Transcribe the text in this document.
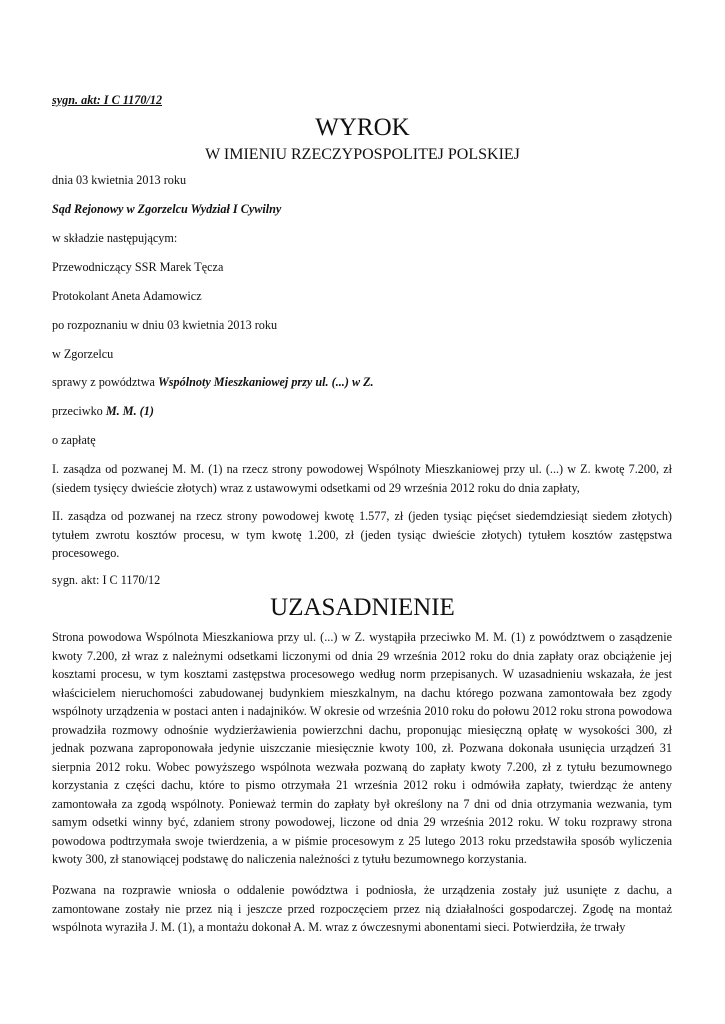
sygn. akt: I C 1170/12
WYROK
W IMIENIU RZECZYPOSPOLITEJ POLSKIEJ
dnia 03 kwietnia 2013 roku
Sąd Rejonowy w Zgorzelcu Wydział I Cywilny
w składzie następującym:
Przewodniczący SSR Marek Tęcza
Protokolant Aneta Adamowicz
po rozpoznaniu w dniu 03 kwietnia 2013 roku
w Zgorzelcu
sprawy z powództwa Wspólnoty Mieszkaniowej przy ul. (...) w Z.
przeciwko M. M. (1)
o zapłatę
I. zasądza od pozwanej M. M. (1) na rzecz strony powodowej Wspólnoty Mieszkaniowej przy ul. (...) w Z. kwotę 7.200, zł (siedem tysięcy dwieście złotych) wraz z ustawowymi odsetkami od 29 września 2012 roku do dnia zapłaty,
II. zasądza od pozwanej na rzecz strony powodowej kwotę 1.577, zł (jeden tysiąc pięćset siedemdziesiąt siedem złotych) tytułem zwrotu kosztów procesu, w tym kwotę 1.200, zł (jeden tysiąc dwieście złotych) tytułem kosztów zastępstwa procesowego.
sygn. akt: I C 1170/12
UZASADNIENIE
Strona powodowa Wspólnota Mieszkaniowa przy ul. (...) w Z. wystąpiła przeciwko M. M. (1) z powództwem o zasądzenie kwoty 7.200, zł wraz z należnymi odsetkami liczonymi od dnia 29 września 2012 roku do dnia zapłaty oraz obciążenie jej kosztami procesu, w tym kosztami zastępstwa procesowego według norm przepisanych. W uzasadnieniu wskazała, że jest właścicielem nieruchomości zabudowanej budynkiem mieszkalnym, na dachu którego pozwana zamontowała bez zgody wspólnoty urządzenia w postaci anten i nadajników. W okresie od września 2010 roku do połowu 2012 roku strona powodowa prowadziła rozmowy odnośnie wydzierżawienia powierzchni dachu, proponując miesięczną opłatę w wysokości 300, zł jednak pozwana zaproponowała jedynie uiszczanie miesięcznie kwoty 100, zł. Pozwana dokonała usunięcia urządzeń 31 sierpnia 2012 roku. Wobec powyższego wspólnota wezwała pozwaną do zapłaty kwoty 7.200, zł z tytułu bezumownego korzystania z części dachu, które to pismo otrzymała 21 września 2012 roku i odmówiła zapłaty, twierdząc że anteny zamontowała za zgodą wspólnoty. Ponieważ termin do zapłaty był określony na 7 dni od dnia otrzymania wezwania, tym samym odsetki winny być, zdaniem strony powodowej, liczone od dnia 29 września 2012 roku. W toku rozprawy strona powodowa podtrzymała swoje twierdzenia, a w piśmie procesowym z 25 lutego 2013 roku przedstawiła sposób wyliczenia kwoty 300, zł stanowiącej podstawę do naliczenia należności z tytułu bezumownego korzystania.
Pozwana na rozprawie wniosła o oddalenie powództwa i podniosła, że urządzenia zostały już usunięte z dachu, a zamontowane zostały nie przez nią i jeszcze przed rozpoczęciem przez nią działalności gospodarczej. Zgodę na montaż wspólnota wyraziła J. M. (1), a montażu dokonał A. M. wraz z ówczesnymi abonentami sieci. Potwierdziła, że trwały
